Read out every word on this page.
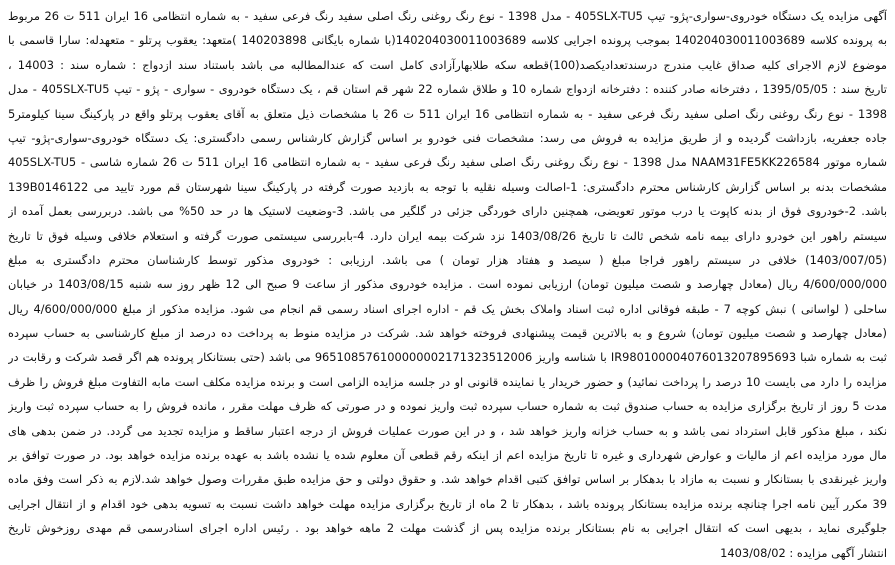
آگهی مزایده یک دستگاه خودروی-سواری-پژو- تیپ 405SLX-TU5 - مدل 1398 - نوع رنگ روغنی رنگ اصلی سفید رنگ فرعی سفید - به شماره انتظامی 16 ایران 511 ت 26 مربوط
به پرونده کلاسه 140204030011003689 بموجب پرونده اجرایی کلاسه 140204030011003689(با شماره بایگانی 140203898 )متعهد: یعقوب پرتلو - متعهدله: سارا قاسمی با
موضوع لازم الاجرای کلیه صداق غایب مندرج درسندتعدادیکصد(100)قطعه سکه طلابهارآزادی کامل است که عندالمطالبه می باشد باستناد سند ازدواج : شماره سند : 14003 ،
تاریخ سند : 1395/05/05 ، دفترخانه صادر کننده : دفترخانه ازدواج شماره 10 و طلاق شماره 22 شهر قم استان قم ، یک دستگاه خودروی - سواری - پژو - تیپ 405SLX-TU5 - مدل
1398 - نوع رنگ روغنی رنگ اصلی سفید رنگ فرعی سفید - به شماره انتظامی 16 ایران 511 ت 26 با مشخصات ذیل متعلق به آقای یعقوب پرتلو واقع در پارکینگ سینا کیلومتر5
جاده جعفریه، بازداشت گردیده و از طریق مزایده به فروش می رسد: مشخصات فنی خودرو بر اساس گزارش کارشناس رسمی دادگستری: یک دستگاه خودروی-سواری-پژو- تیپ
405SLX-TU5 - مدل 1398 - نوع رنگ روغنی رنگ اصلی سفید رنگ فرعی سفید - به شماره انتظامی 16 ایران 511 ت 26 شماره شاسی NAAM31FE5KK226584 شماره موتور
139B0146122 مشخصات بدنه بر اساس گزارش کارشناس محترم دادگستری: 1-اصالت وسیله نقلیه با توجه به بازدید صورت گرفته در پارکینگ سینا شهرستان قم مورد تایید می
باشد. 2-خودروی فوق از بدنه کاپوت یا درب موتور تعویضی، همچنین دارای خوردگی جزئی در گلگیر می باشد. 3-وضعیت لاستیک ها در حد 50% می باشد. دربررسی بعمل آمده از
سیستم راهور این خودرو دارای بیمه نامه شخص ثالث تا تاریخ 1403/08/26 نزد شرکت بیمه ایران دارد. 4-بابررسی سیستمی صورت گرفته و استعلام خلافی وسیله فوق تا تاریخ
(1403/007/05) خلافی در سیستم راهور فراجا مبلغ ( سیصد و هفتاد هزار تومان ) می باشد. ارزیابی : خودروی مذکور توسط کارشناسان محترم دادگستری به مبلغ
4/600/000/000 ریال (معادل چهارصد و شصت میلیون تومان) ارزیابی نموده است . مزایده خودروی مذکور از ساعت 9 صبح الی 12 ظهر روز سه شنبه 1403/08/15 در خیابان
ساحلی ( لواسانی ) نبش کوچه 7 - طبقه فوقانی اداره ثبت اسناد واملاک بخش یک قم - اداره اجرای اسناد رسمی قم انجام می شود. مزایده مذکور از مبلغ 4/600/000/000 ریال
(معادل چهارصد و شصت میلیون تومان) شروع و به بالاترین قیمت پیشنهادی فروخته خواهد شد. شرکت در مزایده منوط به پرداخت ده درصد از مبلغ کارشناسی به حساب سپرده
ثبت به شماره شبا IR980100004076013207895693 با شناسه واریز 965108576100000002171323512006 می باشد (حتی بستانکار پرونده هم اگر قصد شرکت و رقابت در
مزایده را دارد می بایست 10 درصد را پرداخت نمائید) و حضور خریدار یا نماینده قانونی او در جلسه مزایده الزامی است و برنده مزایده مکلف است مابه التفاوت مبلغ فروش را ظرف
مدت 5 روز از تاریخ برگزاری مزایده به حساب صندوق ثبت به شماره حساب سپرده ثبت واریز نموده و در صورتی که ظرف مهلت مقرر ، مانده فروش را به حساب سپرده ثبت واریز
نکند ، مبلغ مذکور قابل استرداد نمی باشد و به حساب خزانه واریز خواهد شد ، و در این صورت عملیات فروش از درجه اعتبار ساقط و مزایده تجدید می گردد. در ضمن بدهی های
مال مورد مزایده اعم از مالیات و عوارض شهرداری و غیره تا تاریخ مزایده اعم از اینکه رقم قطعی آن معلوم شده یا نشده باشد به عهده برنده مزایده خواهد بود. در صورت توافق بر
واریز غیرنقدی با بستانکار و نسبت به مازاد با بدهکار بر اساس توافق کتبی اقدام خواهد شد. و حقوق دولتی و حق مزایده طبق مقررات وصول خواهد شد.لازم به ذکر است وفق ماده
39 مکرر آیین نامه اجرا چنانچه برنده مزایده بستانکار پرونده باشد ، بدهکار تا 2 ماه از تاریخ برگزاری مزایده مهلت خواهد داشت نسبت به تسویه بدهی خود اقدام و از انتقال اجرایی
جلوگیری نماید ، بدیهی است که انتقال اجرایی به نام بستانکار برنده مزایده پس از گذشت مهلت 2 ماهه خواهد بود . رئیس اداره اجرای اسنادرسمی قم مهدی روزخوش تاریخ
انتشار آگهی مزایده : 1403/08/02
